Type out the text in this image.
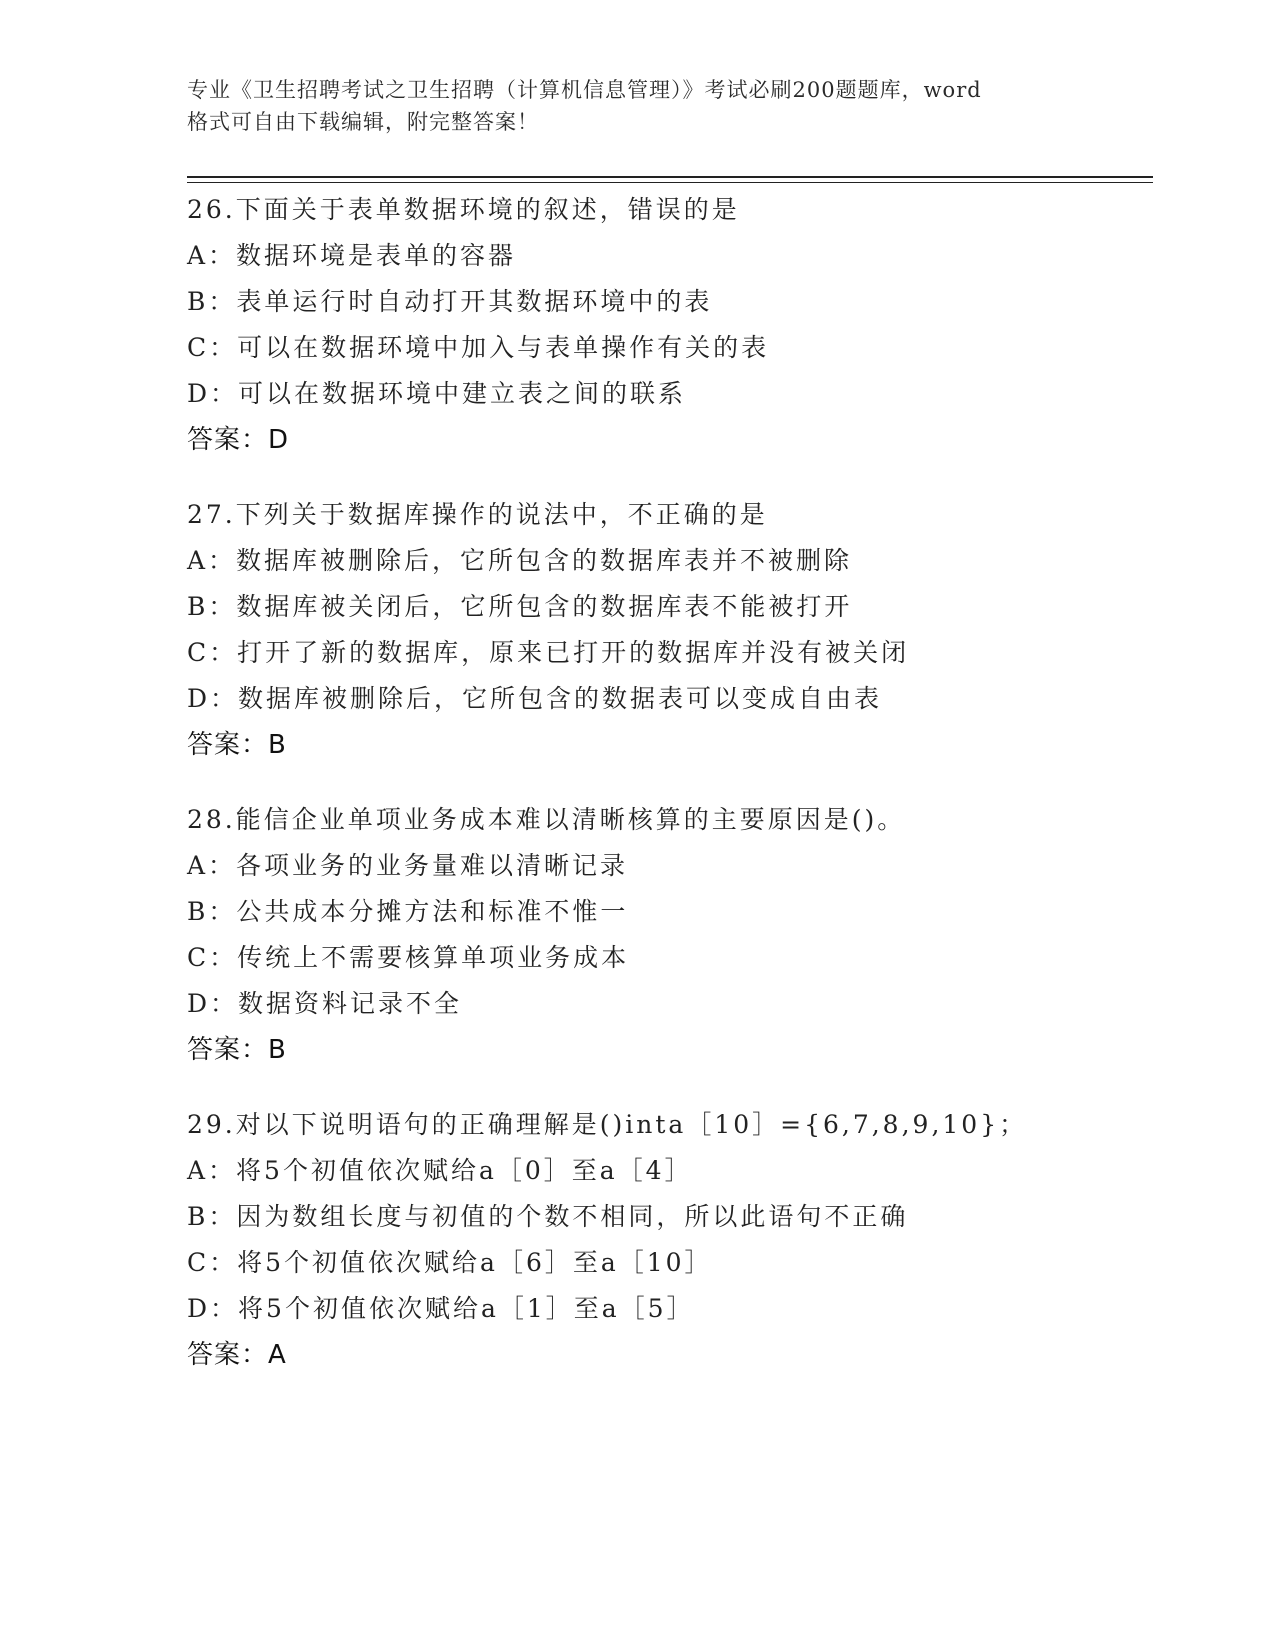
专业《卫生招聘考试之卫生招聘（计算机信息管理）》考试必刷200题题库，word
格式可自由下载编辑，附完整答案！
26.下面关于表单数据环境的叙述，错误的是
A：数据环境是表单的容器
B：表单运行时自动打开其数据环境中的表
C：可以在数据环境中加入与表单操作有关的表
D：可以在数据环境中建立表之间的联系
答案：D
27.下列关于数据库操作的说法中，不正确的是
A：数据库被删除后，它所包含的数据库表并不被删除
B：数据库被关闭后，它所包含的数据库表不能被打开
C：打开了新的数据库，原来已打开的数据库并没有被关闭
D：数据库被删除后，它所包含的数据表可以变成自由表
答案：B
28.能信企业单项业务成本难以清晰核算的主要原因是()。
A：各项业务的业务量难以清晰记录
B：公共成本分摊方法和标准不惟一
C：传统上不需要核算单项业务成本
D：数据资料记录不全
答案：B
29.对以下说明语句的正确理解是()inta［10］={6,7,8,9,10}；
A：将5个初值依次赋给a［0］至a［4］
B：因为数组长度与初值的个数不相同，所以此语句不正确
C：将5个初值依次赋给a［6］至a［10］
D：将5个初值依次赋给a［1］至a［5］
答案：A
